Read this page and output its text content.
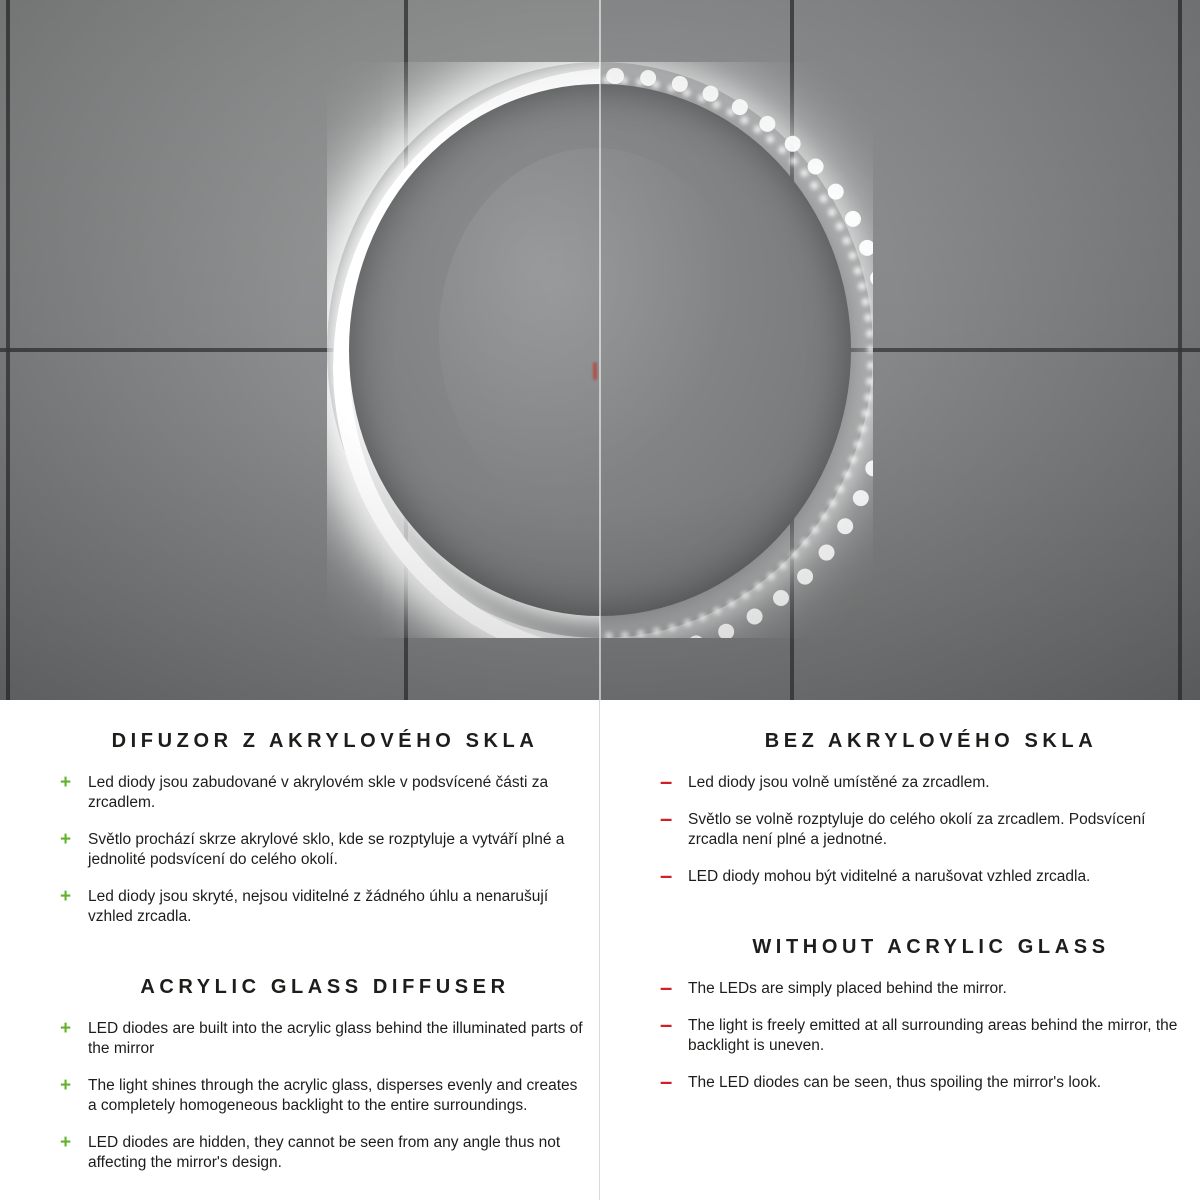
DIFUZOR Z AKRYLOVÉHO SKLA
+ Led diody jsou zabudované v akrylovém skle v podsvícené části za zrcadlem.
+ Světlo prochází skrze akrylové sklo, kde se rozptyluje a vytváří plné a jednolité podsvícení do celého okolí.
+ Led diody jsou skryté, nejsou viditelné z žádného úhlu a nenarušují vzhled zrcadla.
ACRYLIC GLASS DIFFUSER
+ LED diodes are built into the acrylic glass behind the illuminated parts of the mirror
+ The light shines through the acrylic glass, disperses evenly and creates a completely homogeneous backlight to the entire surroundings.
+ LED diodes are hidden, they cannot be seen from any angle thus not affecting the mirror's design.
BEZ AKRYLOVÉHO SKLA
– Led diody jsou volně umístěné za zrcadlem.
– Světlo se volně rozptyluje do celého okolí za zrcadlem. Podsvícení zrcadla není plné a jednotné.
– LED diody mohou být viditelné a narušovat vzhled zrcadla.
WITHOUT ACRYLIC GLASS
– The LEDs are simply placed behind the mirror.
– The light is freely emitted at all surrounding areas behind the mirror, the backlight is uneven.
– The LED diodes can be seen, thus spoiling the mirror's look.
